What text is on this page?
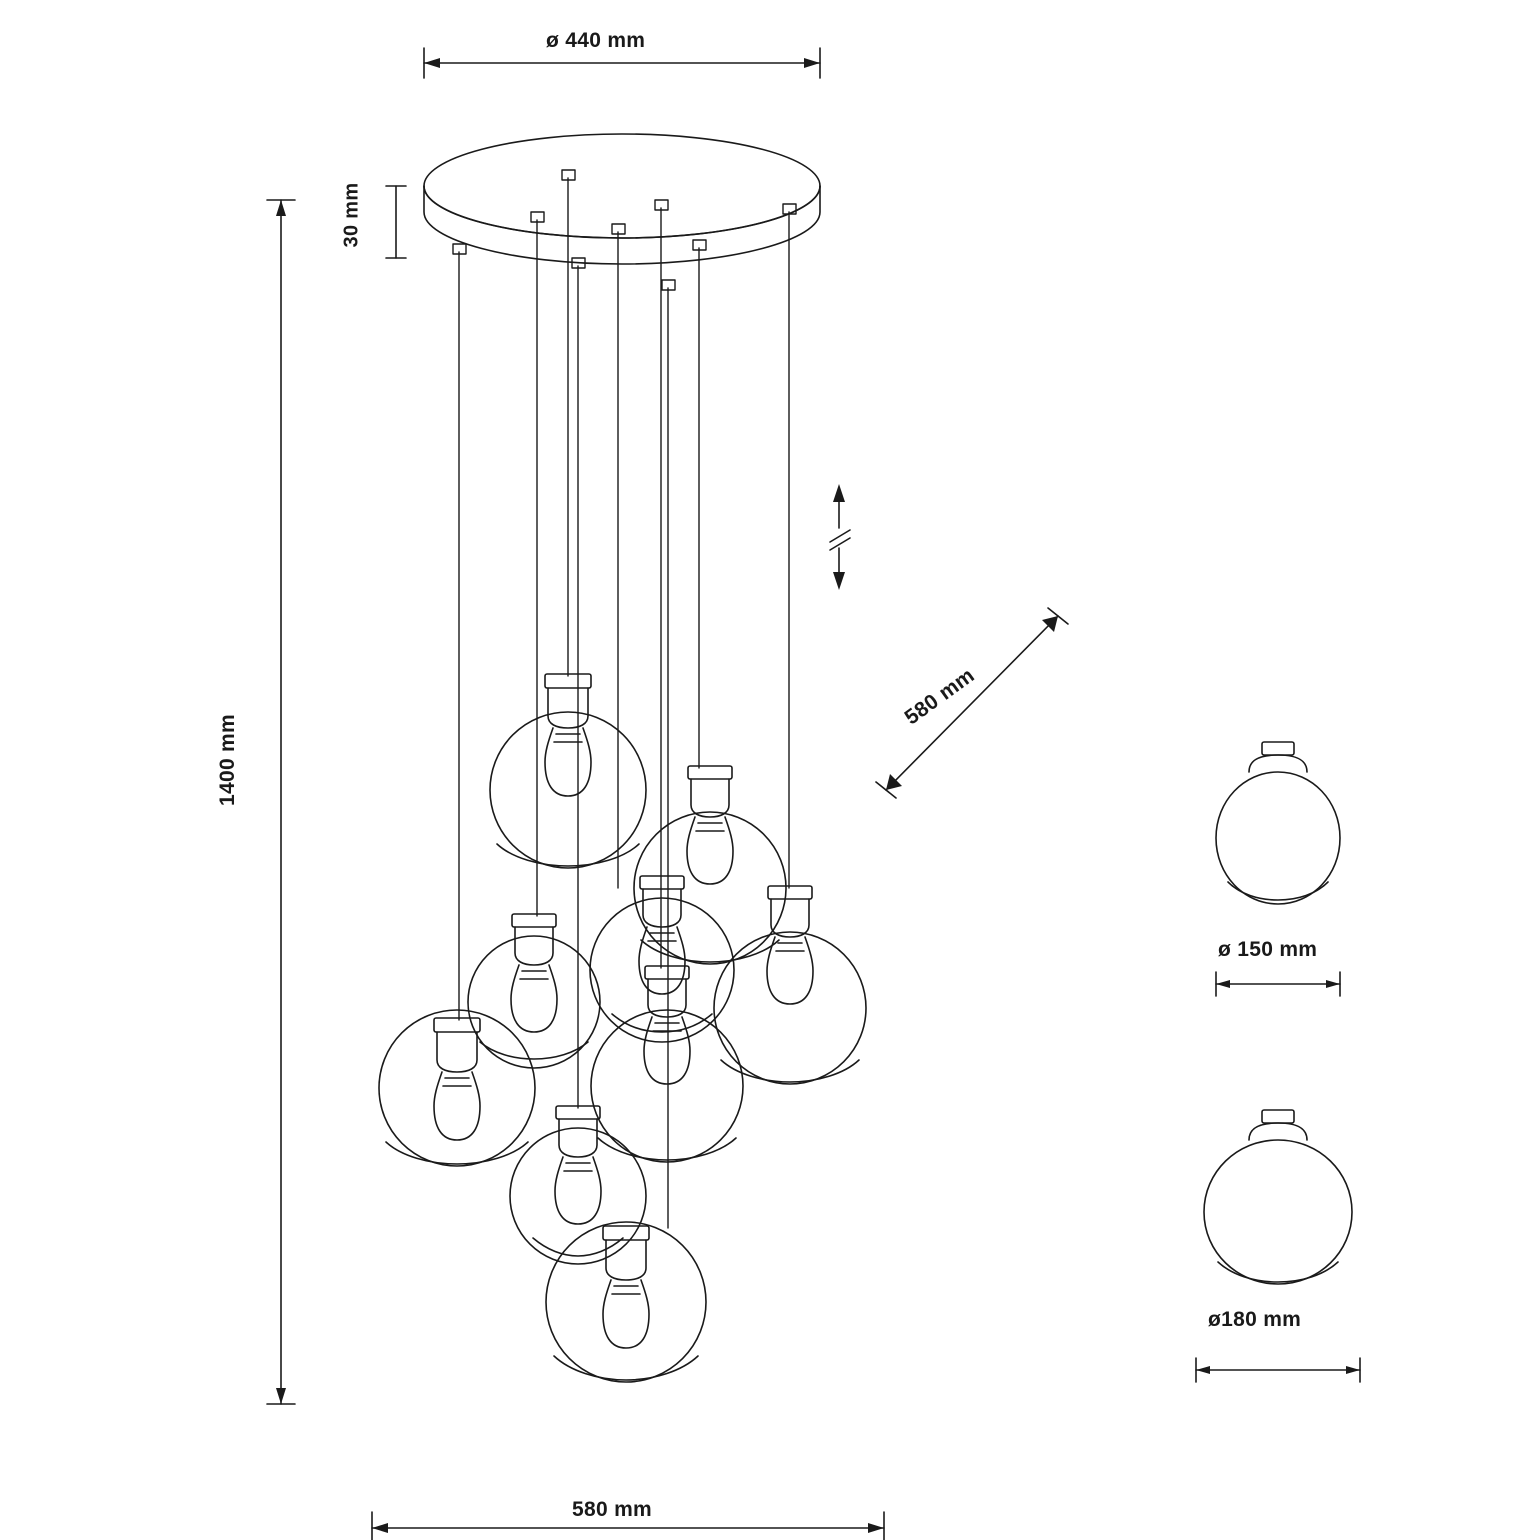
1400 mm
30 mm
ø 440 mm
580 mm
580 mm
ø 150 mm
ø180 mm
